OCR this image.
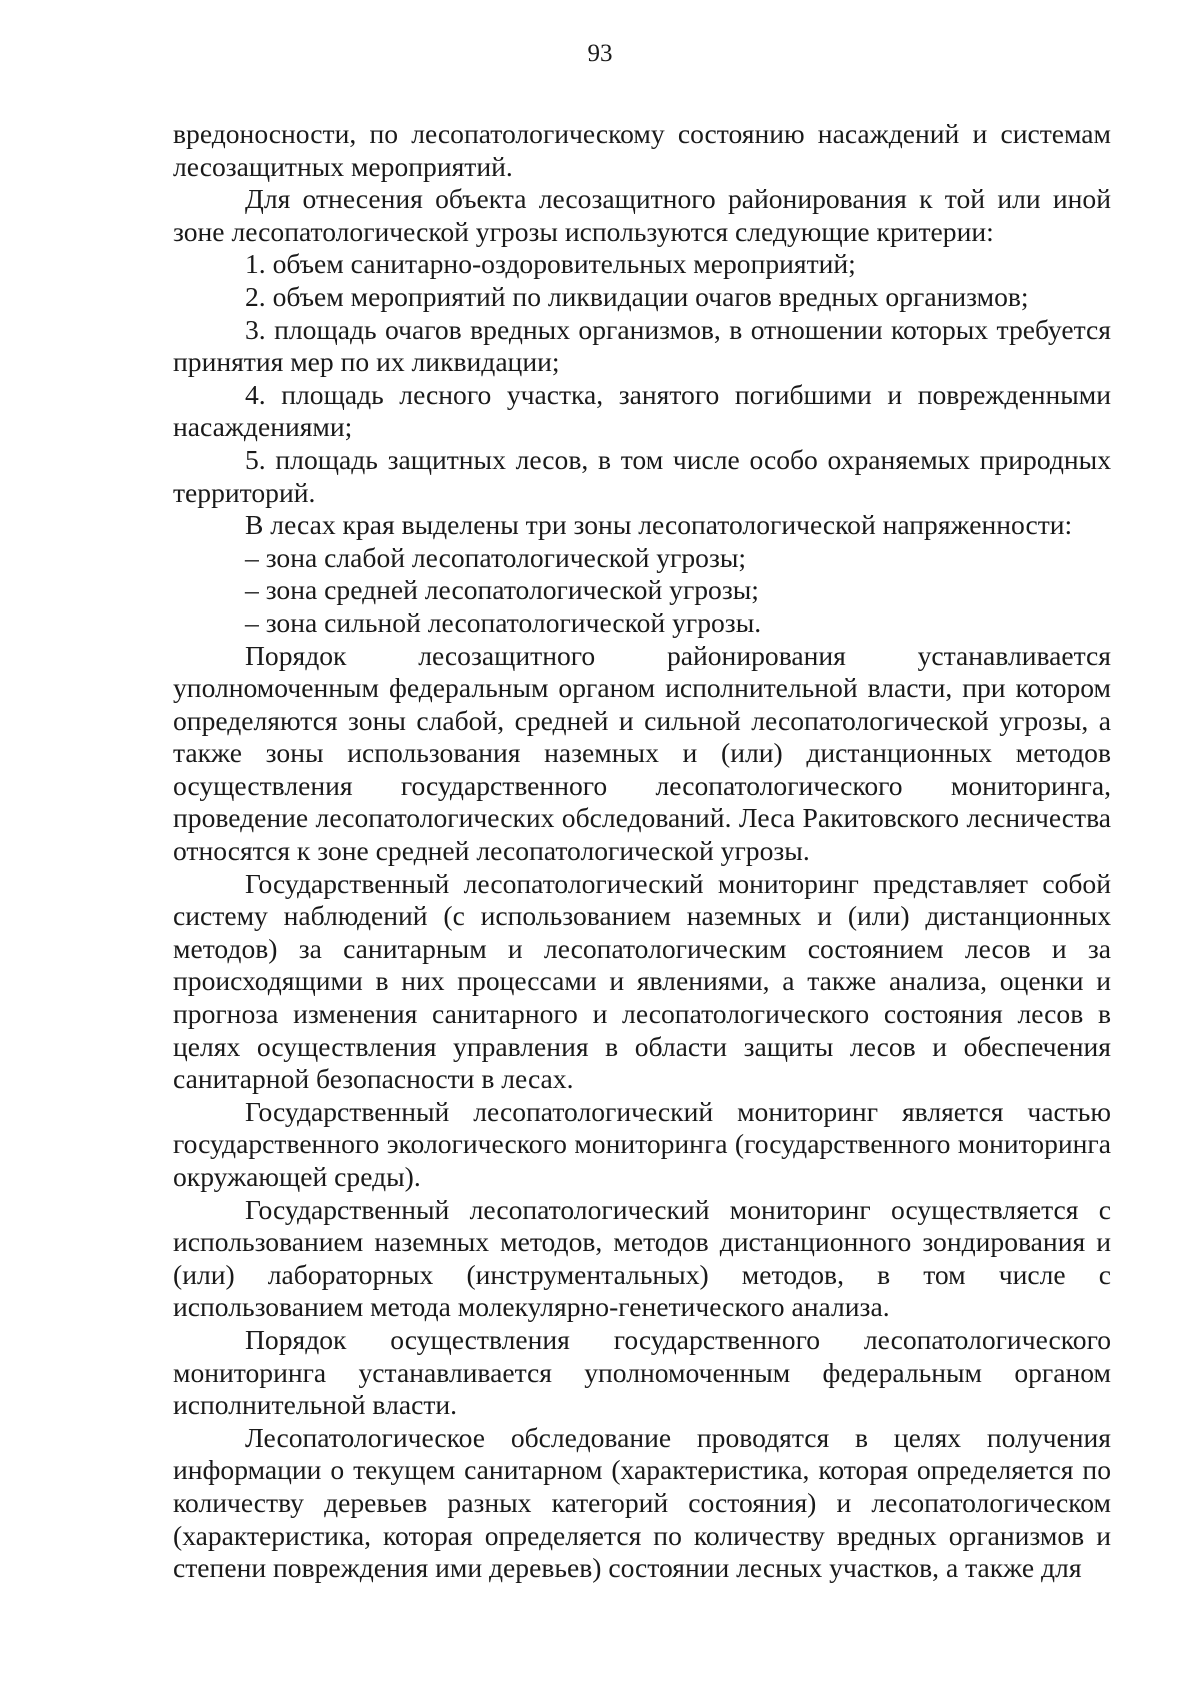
93

вредоносности, по лесопатологическому состоянию насаждений и системам лесозащитных мероприятий.

Для отнесения объекта лесозащитного районирования к той или иной зоне лесопатологической угрозы используются следующие критерии:

1. объем санитарно-оздоровительных мероприятий;

2. объем мероприятий по ликвидации очагов вредных организмов;

3. площадь очагов вредных организмов, в отношении которых требуется принятия мер по их ликвидации;

4. площадь лесного участка, занятого погибшими и поврежденными насаждениями;

5. площадь защитных лесов, в том числе особо охраняемых природных территорий.

В лесах края выделены три зоны лесопатологической напряженности:

– зона слабой лесопатологической угрозы;

– зона средней лесопатологической угрозы;

– зона сильной лесопатологической угрозы.

Порядок лесозащитного районирования устанавливается уполномоченным федеральным органом исполнительной власти, при котором определяются зоны слабой, средней и сильной лесопатологической угрозы, а также зоны использования наземных и (или) дистанционных методов осуществления государственного лесопатологического мониторинга, проведение лесопатологических обследований. Леса Ракитовского лесничества относятся к зоне средней лесопатологической угрозы.

Государственный лесопатологический мониторинг представляет собой систему наблюдений (с использованием наземных и (или) дистанционных методов) за санитарным и лесопатологическим состоянием лесов и за происходящими в них процессами и явлениями, а также анализа, оценки и прогноза изменения санитарного и лесопатологического состояния лесов в целях осуществления управления в области защиты лесов и обеспечения санитарной безопасности в лесах.

Государственный лесопатологический мониторинг является частью государственного экологического мониторинга (государственного мониторинга окружающей среды).

Государственный лесопатологический мониторинг осуществляется с использованием наземных методов, методов дистанционного зондирования и (или) лабораторных (инструментальных) методов, в том числе с использованием метода молекулярно-генетического анализа.

Порядок осуществления государственного лесопатологического мониторинга устанавливается уполномоченным федеральным органом исполнительной власти.

Лесопатологическое обследование проводятся в целях получения информации о текущем санитарном (характеристика, которая определяется по количеству деревьев разных категорий состояния) и лесопатологическом (характеристика, которая определяется по количеству вредных организмов и степени повреждения ими деревьев) состоянии лесных участков, а также для
